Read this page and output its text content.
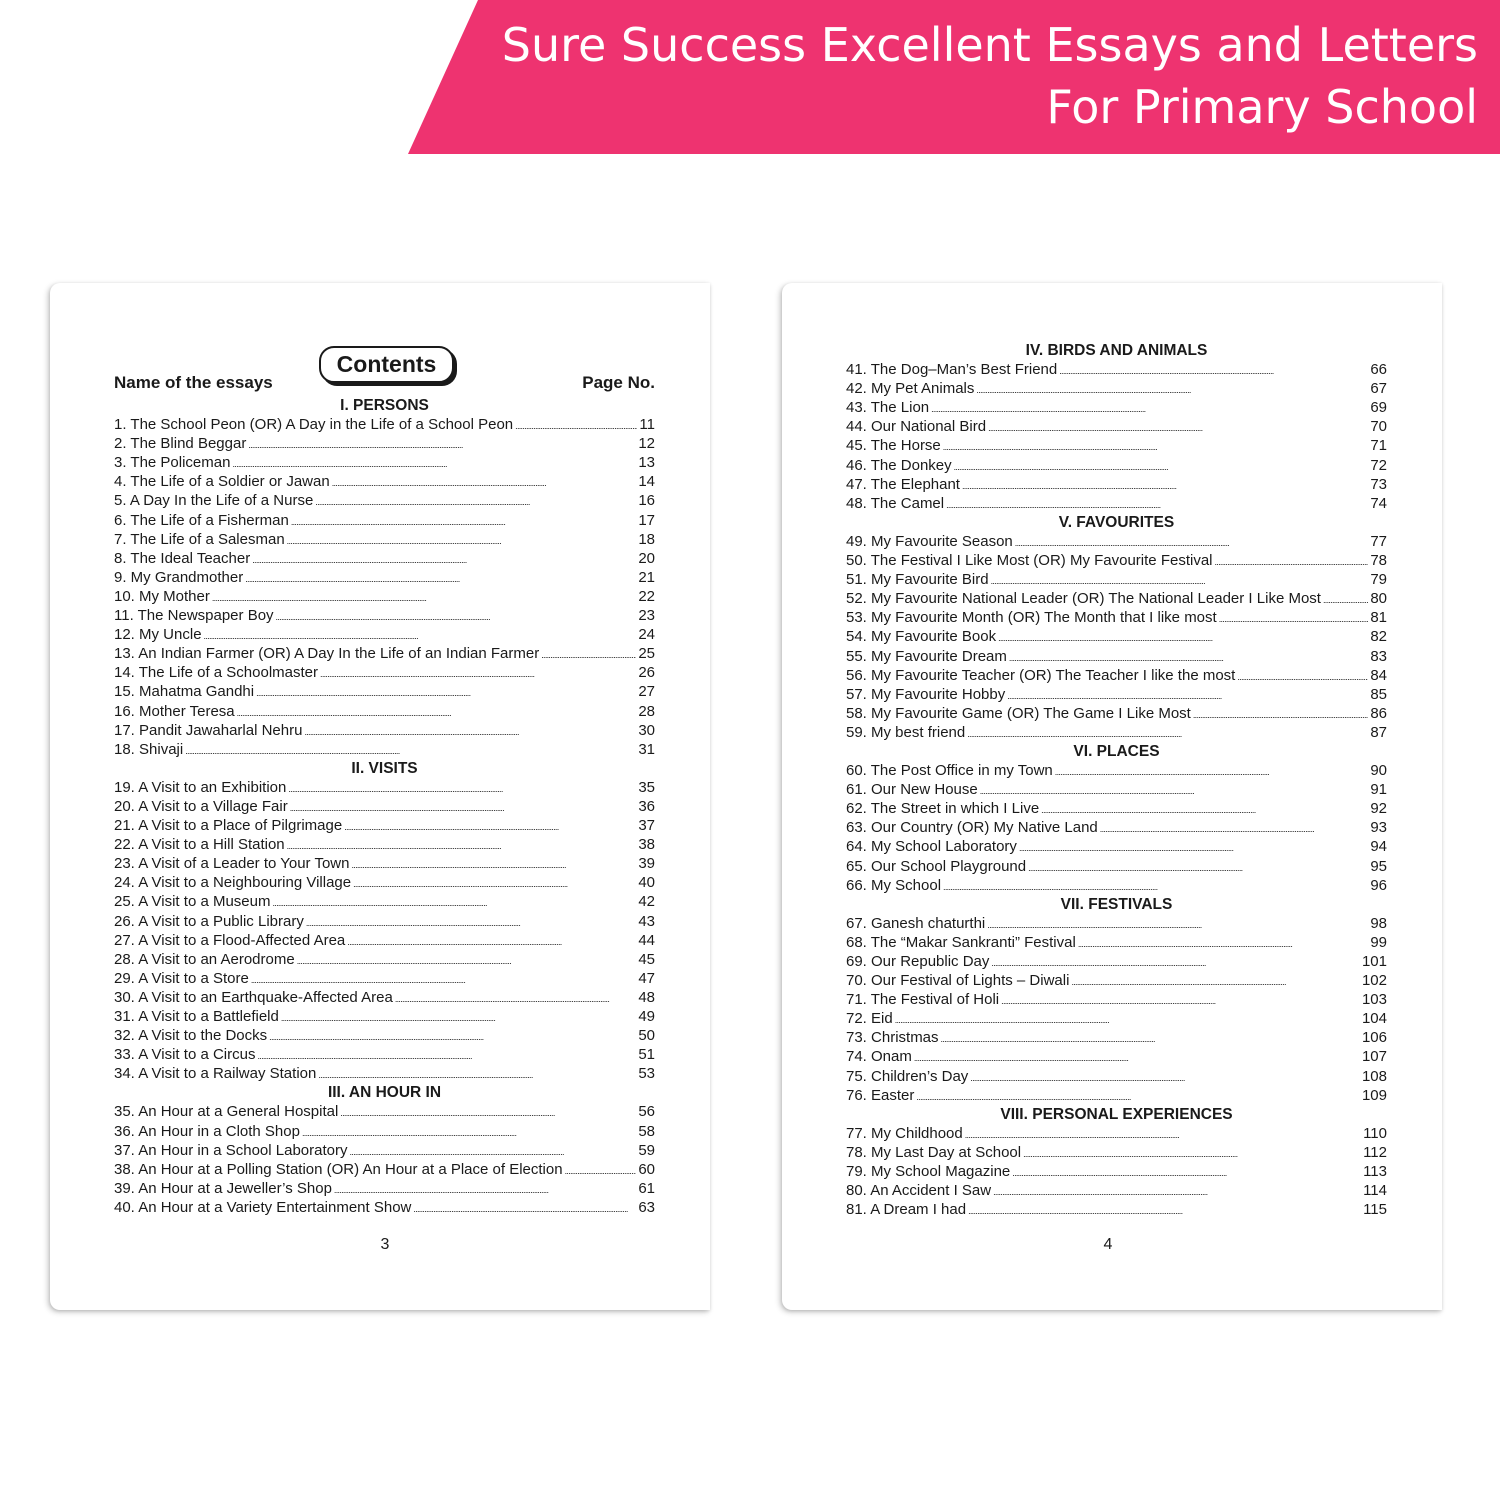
Sure Success Excellent Essays and Letters
For Primary School
Contents
Name of the essays	Page No.
I. PERSONS
1. The School Peon (OR) A Day in the Life of a School Peon . . .	11
2. The Blind Beggar . . .	12
3. The Policeman . . .	13
4. The Life of a Soldier or Jawan . . .	14
5. A Day In the Life of a Nurse . . .	16
6. The Life of a Fisherman . . .	17
7. The Life of a Salesman . . .	18
8. The Ideal Teacher . . .	20
9. My Grandmother . . .	21
10. My Mother . . .	22
11. The Newspaper Boy . . .	23
12. My Uncle . . .	24
13. An Indian Farmer (OR) A Day In the Life of an Indian Farmer . . .	25
14. The Life of a Schoolmaster . . .	26
15. Mahatma Gandhi . . .	27
16. Mother Teresa . . .	28
17. Pandit Jawaharlal Nehru . . .	30
18. Shivaji . . .	31
II. VISITS
19. A Visit to an Exhibition . . .	35
20. A Visit to a Village Fair . . .	36
21. A Visit to a Place of Pilgrimage . . .	37
22. A Visit to a Hill Station . . .	38
23. A Visit of a Leader to Your Town . . .	39
24. A Visit to a Neighbouring Village . . .	40
25. A Visit to a Museum . . .	42
26. A Visit to a Public Library . . .	43
27. A Visit to a Flood-Affected Area . . .	44
28. A Visit to an Aerodrome . . .	45
29. A Visit to a Store . . .	47
30. A Visit to an Earthquake-Affected Area . . .	48
31. A Visit to a Battlefield . . .	49
32. A Visit to the Docks . . .	50
33. A Visit to a Circus . . .	51
34. A Visit to a Railway Station . . .	53
III. AN HOUR IN
35. An Hour at a General Hospital . . .	56
36. An Hour in a Cloth Shop . . .	58
37. An Hour in a School Laboratory . . .	59
38. An Hour at a Polling Station (OR) An Hour at a Place of Election . . .	60
39. An Hour at a Jeweller’s Shop . . .	61
40. An Hour at a Variety Entertainment Show . . .	63
3
IV. BIRDS AND ANIMALS
41. The Dog–Man’s Best Friend . . .	66
42. My Pet Animals . . .	67
43. The Lion . . .	69
44. Our National Bird . . .	70
45. The Horse . . .	71
46. The Donkey . . .	72
47. The Elephant . . .	73
48. The Camel . . .	74
V. FAVOURITES
49. My Favourite Season . . .	77
50. The Festival I Like Most (OR) My Favourite Festival . . .	78
51. My Favourite Bird . . .	79
52. My Favourite National Leader (OR) The National Leader I Like Most . . .	80
53. My Favourite Month (OR) The Month that I like most . . .	81
54. My Favourite Book . . .	82
55. My Favourite Dream . . .	83
56. My Favourite Teacher (OR) The Teacher I like the most . . .	84
57. My Favourite Hobby . . .	85
58. My Favourite Game (OR) The Game I Like Most . . .	86
59. My best friend . . .	87
VI. PLACES
60. The Post Office in my Town . . .	90
61. Our New House . . .	91
62. The Street in which I Live . . .	92
63. Our Country (OR) My Native Land . . .	93
64. My School Laboratory . . .	94
65. Our School Playground . . .	95
66. My School . . .	96
VII. FESTIVALS
67. Ganesh chaturthi . . .	98
68. The “Makar Sankranti” Festival . . .	99
69. Our Republic Day . . .	101
70. Our Festival of Lights – Diwali . . .	102
71. The Festival of Holi . . .	103
72. Eid . . .	104
73. Christmas . . .	106
74. Onam . . .	107
75. Children’s Day . . .	108
76. Easter . . .	109
VIII. PERSONAL EXPERIENCES
77. My Childhood . . .	110
78. My Last Day at School . . .	112
79. My School Magazine . . .	113
80. An Accident I Saw . . .	114
81. A Dream I had . . .	115
4
